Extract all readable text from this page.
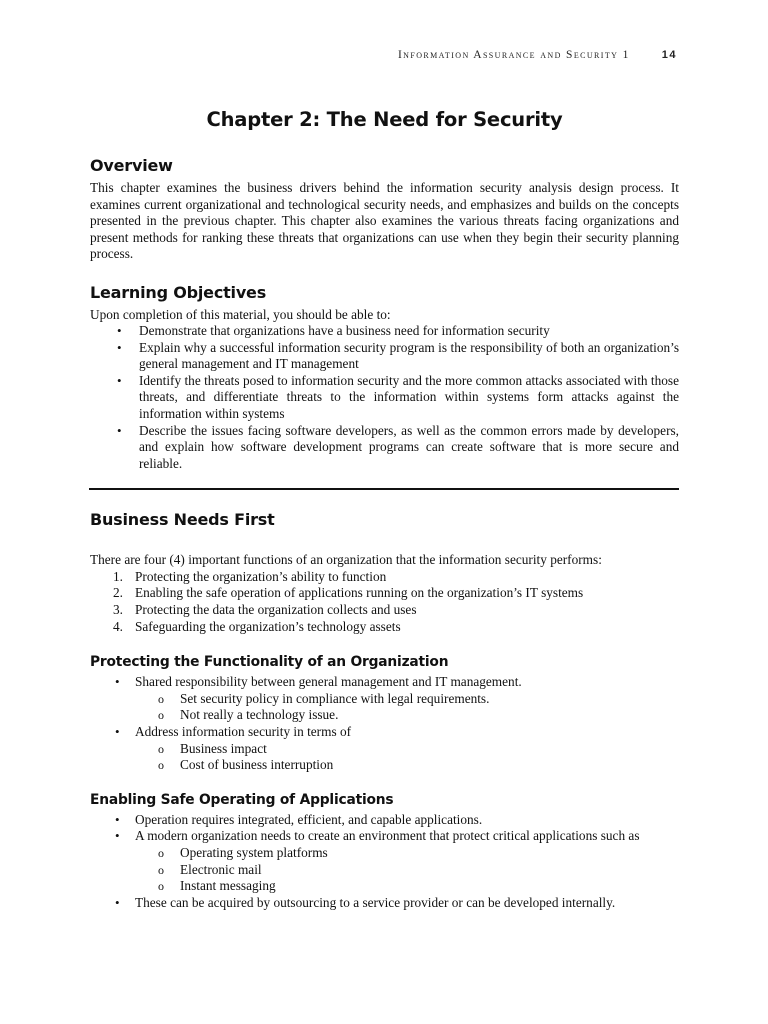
Information Assurance and Security 1	14
Chapter 2: The Need for Security
Overview

This chapter examines the business drivers behind the information security analysis design process. It examines current organizational and technological security needs, and emphasizes and builds on the concepts presented in the previous chapter. This chapter also examines the various threats facing organizations and present methods for ranking these threats that organizations can use when they begin their security planning process.

Learning Objectives

Upon completion of this material, you should be able to:

• Demonstrate that organizations have a business need for information security
• Explain why a successful information security program is the responsibility of both an organization’s general management and IT management
• Identify the threats posed to information security and the more common attacks associated with those threats, and differentiate threats to the information within systems form attacks against the information within systems
• Describe the issues facing software developers, as well as the common errors made by developers, and explain how software development programs can create software that is more secure and reliable.
Business Needs First

There are four (4) important functions of an organization that the information security performs:

1. Protecting the organization’s ability to function
2. Enabling the safe operation of applications running on the organization’s IT systems
3. Protecting the data the organization collects and uses
4. Safeguarding the organization’s technology assets
Protecting the Functionality of an Organization
• Shared responsibility between general management and IT management.
o Set security policy in compliance with legal requirements.
o Not really a technology issue.
• Address information security in terms of
o Business impact
o Cost of business interruption
Enabling Safe Operating of Applications
• Operation requires integrated, efficient, and capable applications.
• A modern organization needs to create an environment that protect critical applications such as
o Operating system platforms
o Electronic mail
o Instant messaging
• These can be acquired by outsourcing to a service provider or can be developed internally.
